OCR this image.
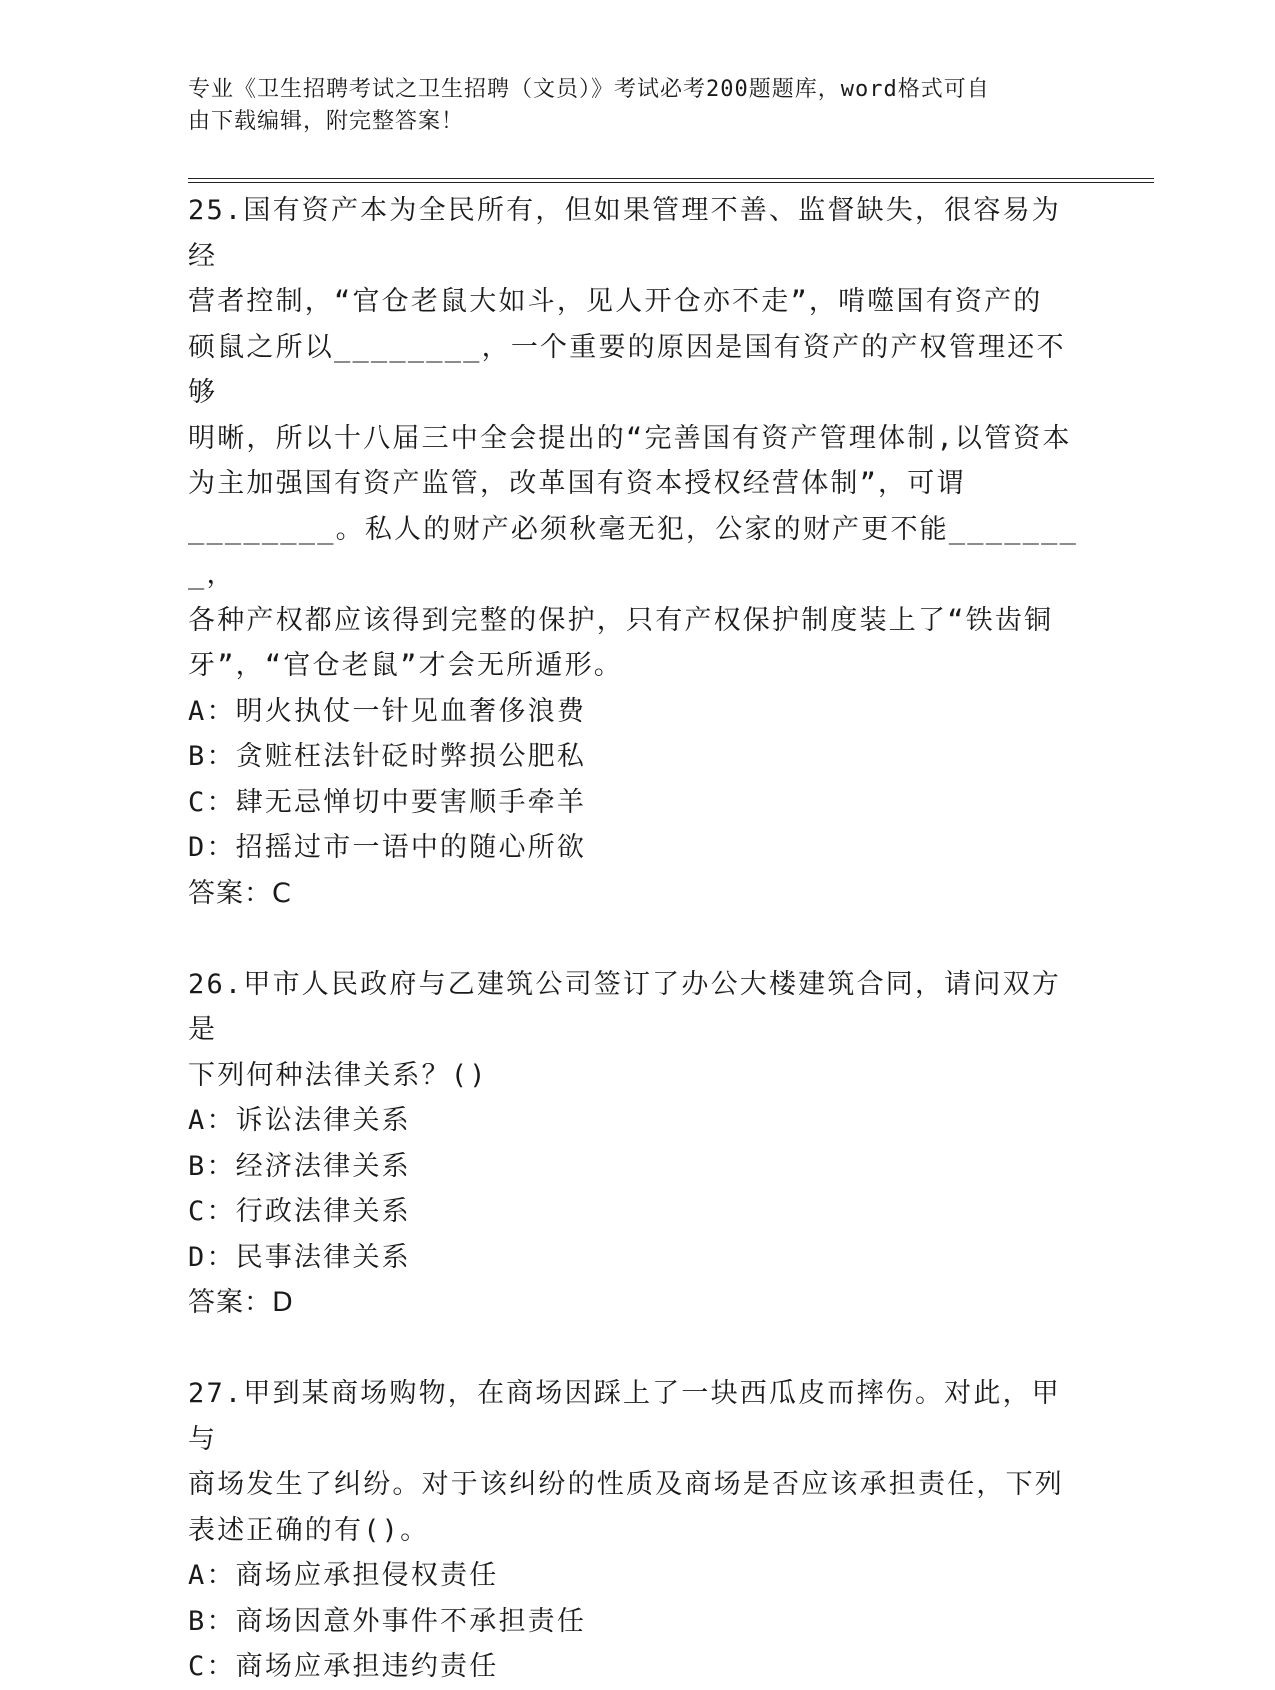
专业《卫生招聘考试之卫生招聘（文员）》考试必考200题题库，word格式可自
由下载编辑，附完整答案！
25.国有资产本为全民所有，但如果管理不善、监督缺失，很容易为经
营者控制，“官仓老鼠大如斗，见人开仓亦不走”，啃噬国有资产的
硕鼠之所以________，一个重要的原因是国有资产的产权管理还不够
明晰，所以十八届三中全会提出的“完善国有资产管理体制,以管资本
为主加强国有资产监管，改革国有资本授权经营体制”，可谓
________。私人的财产必须秋毫无犯，公家的财产更不能________，
各种产权都应该得到完整的保护，只有产权保护制度装上了“铁齿铜
牙”，“官仓老鼠”才会无所遁形。
A：明火执仗一针见血奢侈浪费
B：贪赃枉法针砭时弊损公肥私
C：肆无忌惮切中要害顺手牵羊
D：招摇过市一语中的随心所欲
答案：C
26.甲市人民政府与乙建筑公司签订了办公大楼建筑合同，请问双方是
下列何种法律关系？()
A：诉讼法律关系
B：经济法律关系
C：行政法律关系
D：民事法律关系
答案：D
27.甲到某商场购物，在商场因踩上了一块西瓜皮而摔伤。对此，甲与
商场发生了纠纷。对于该纠纷的性质及商场是否应该承担责任，下列
表述正确的有()。
A：商场应承担侵权责任
B：商场因意外事件不承担责任
C：商场应承担违约责任
